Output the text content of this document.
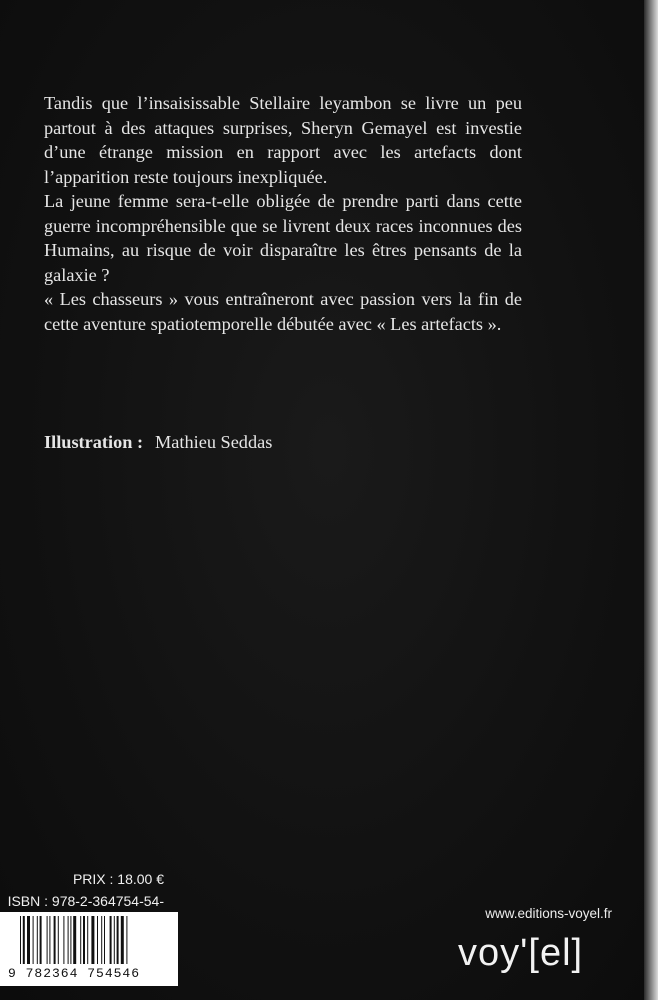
Tandis que l’insaisissable Stellaire leyambon se livre un peu partout à des attaques surprises, Sheryn Gemayel est investie d’une étrange mission en rapport avec les artefacts dont l’apparition reste toujours inexpliquée.

La jeune femme sera-t-elle obligée de prendre parti dans cette guerre incompréhensible que se livrent deux races inconnues des Humains, au risque de voir disparaître les êtres pensants de la galaxie ?

« Les chasseurs » vous entraîneront avec passion vers la fin de cette aventure spatiotemporelle débutée avec « Les artefacts ».

Illustration : Mathieu Seddas
PRIX : 18.00 €
ISBN : 978-2-364754-54-
9 782364 754546
www.editions-voyel.fr
voy'[el]
